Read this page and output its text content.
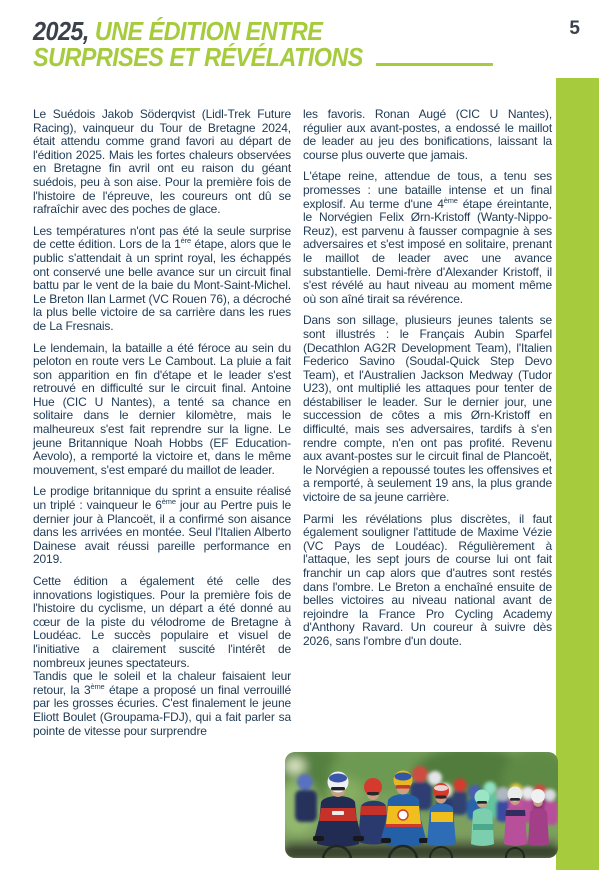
2025, UNE ÉDITION ENTRE
SURPRISES ET RÉVÉLATIONS
5

Le Suédois Jakob Söderqvist (Lidl-Trek Future Racing), vainqueur du Tour de Bretagne 2024, était attendu comme grand favori au départ de l'édition 2025. Mais les fortes chaleurs observées en Bretagne fin avril ont eu raison du géant suédois, peu à son aise. Pour la première fois de l'histoire de l'épreuve, les coureurs ont dû se rafraîchir avec des poches de glace.

Les températures n'ont pas été la seule surprise de cette édition. Lors de la 1ère étape, alors que le public s'attendait à un sprint royal, les échappés ont conservé une belle avance sur un circuit final battu par le vent de la baie du Mont-Saint-Michel. Le Breton Ilan Larmet (VC Rouen 76), a décroché la plus belle victoire de sa carrière dans les rues de La Fresnais.

Le lendemain, la bataille a été féroce au sein du peloton en route vers Le Cambout. La pluie a fait son apparition en fin d'étape et le leader s'est retrouvé en difficulté sur le circuit final. Antoine Hue (CIC U Nantes), a tenté sa chance en solitaire dans le dernier kilomètre, mais le malheureux s'est fait reprendre sur la ligne. Le jeune Britannique Noah Hobbs (EF Education-Aevolo), a remporté la victoire et, dans le même mouvement, s'est emparé du maillot de leader.

Le prodige britannique du sprint a ensuite réalisé un triplé : vainqueur le 6ème jour au Pertre puis le dernier jour à Plancoët, il a confirmé son aisance dans les arrivées en montée. Seul l'Italien Alberto Dainese avait réussi pareille performance en 2019.

Cette édition a également été celle des innovations logistiques. Pour la première fois de l'histoire du cyclisme, un départ a été donné au cœur de la piste du vélodrome de Bretagne à Loudéac. Le succès populaire et visuel de l'initiative a clairement suscité l'intérêt de nombreux jeunes spectateurs.

Tandis que le soleil et la chaleur faisaient leur retour, la 3ème étape a proposé un final verrouillé par les grosses écuries. C'est finalement le jeune Eliott Boulet (Groupama-FDJ), qui a fait parler sa pointe de vitesse pour surprendre

les favoris. Ronan Augé (CIC U Nantes), régulier aux avant-postes, a endossé le maillot de leader au jeu des bonifications, laissant la course plus ouverte que jamais.

L'étape reine, attendue de tous, a tenu ses promesses : une bataille intense et un final explosif. Au terme d'une 4ème étape éreintante, le Norvégien Felix Ørn-Kristoff (Wanty-Nippo-Reuz), est parvenu à fausser compagnie à ses adversaires et s'est imposé en solitaire, prenant le maillot de leader avec une avance substantielle. Demi-frère d'Alexander Kristoff, il s'est révélé au haut niveau au moment même où son aîné tirait sa révérence.

Dans son sillage, plusieurs jeunes talents se sont illustrés : le Français Aubin Sparfel (Decathlon AG2R Development Team), l'Italien Federico Savino (Soudal-Quick Step Devo Team), et l'Australien Jackson Medway (Tudor U23), ont multiplié les attaques pour tenter de déstabiliser le leader. Sur le dernier jour, une succession de côtes a mis Ørn-Kristoff en difficulté, mais ses adversaires, tardifs à s'en rendre compte, n'en ont pas profité. Revenu aux avant-postes sur le circuit final de Plancoët, le Norvégien a repoussé toutes les offensives et a remporté, à seulement 19 ans, la plus grande victoire de sa jeune carrière.

Parmi les révélations plus discrètes, il faut également souligner l'attitude de Maxime Vézie (VC Pays de Loudéac). Régulièrement à l'attaque, les sept jours de course lui ont fait franchir un cap alors que d'autres sont restés dans l'ombre. Le Breton a enchaîné ensuite de belles victoires au niveau national avant de rejoindre la France Pro Cycling Academy d'Anthony Ravard. Un coureur à suivre dès 2026, sans l'ombre d'un doute.
